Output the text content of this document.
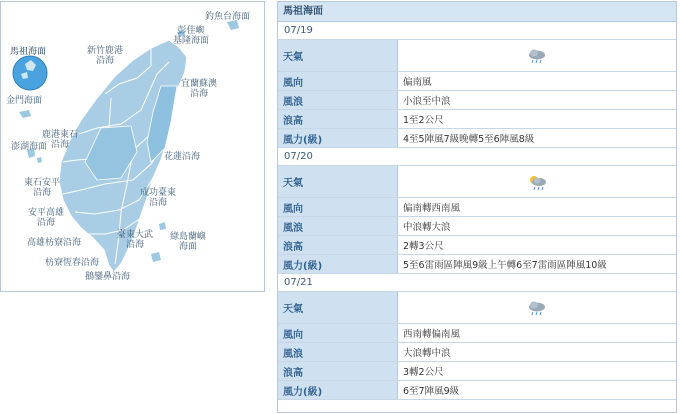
釣魚台海面
彭佳嶼
基隆海面
新竹鹿港
沿海
馬祖海面
宜蘭蘇澳
沿海
金門海面
鹿港東石
沿海
澎湖海面
花蓮沿海
東石安平
沿海	成功臺東
沿海
安平高雄
沿海
綠島蘭嶼
海面
臺東大武
沿海
高雄枋寮沿海
枋寮恆春沿海
鵝鑾鼻沿海
馬祖海面
07/19
天氣
風向	偏南風
風浪	小浪至中浪
浪高	1至2公尺
風力(級)	4至5陣風7級晚轉5至6陣風8級
07/20
天氣
風向	偏南轉西南風
風浪	中浪轉大浪
浪高	2轉3公尺
風力(級)	5至6雷雨區陣風9級上午轉6至7雷雨區陣風10級
07/21
天氣
風向	西南轉偏南風
風浪	大浪轉中浪
浪高	3轉2公尺
風力(級)	6至7陣風9級
